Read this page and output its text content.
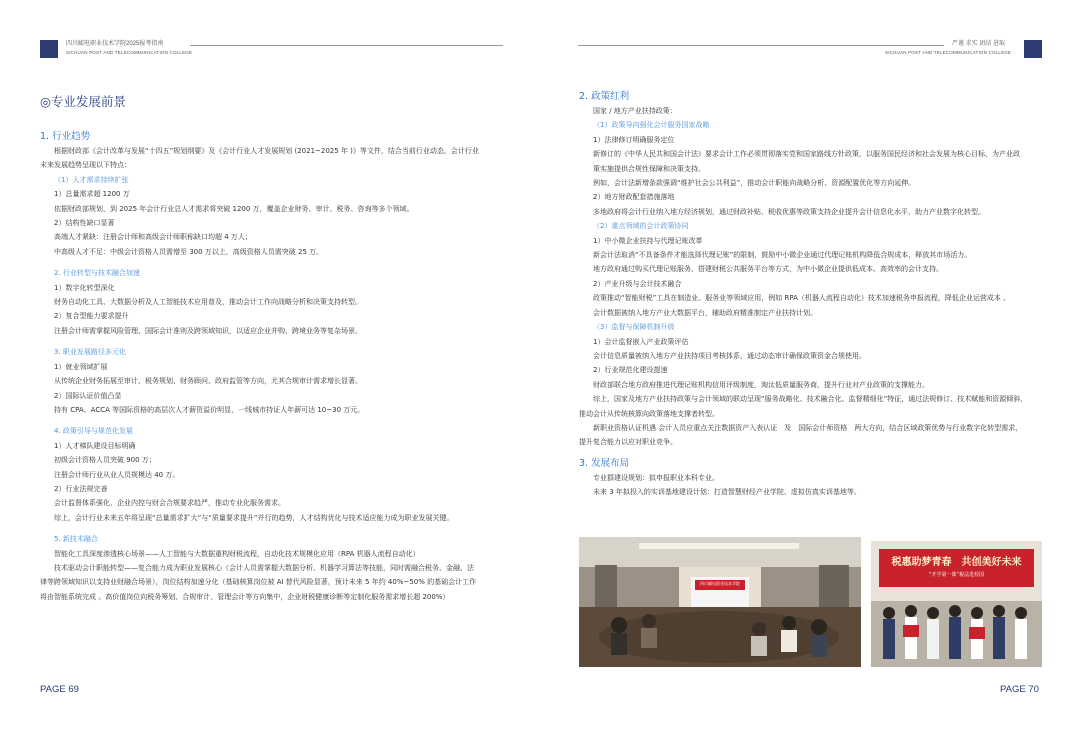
四川邮电职业技术学院2025报考指南
SICHUAN POST AND TELECOMMUNICATION COLLEGE
◎专业发展前景

1. 行业趋势

根据财政部《会计改革与发展“十四五”规划纲要》及《会计行业人才发展规划 (2021~2025 年 )》等文件，结合当前行业动态，会计行业

未来发展趋势呈现以下特点：

（1）人才需求持续扩张

1）总量需求超 1200 万

依据财政部规划，到 2025 年会计行业总人才需求将突破 1200 万，覆盖企业财务、审计、税务、咨询等多个领域。

2）结构性缺口显著

高端人才紧缺：注册会计师和高级会计师职称缺口均超 4 万人；

中高级人才不足：中级会计资格人员需增至 300 万以上，高级资格人员需突破 25 万。

2. 行业转型与技术融合加速

1）数字化转型深化

财务自动化工具、大数据分析及人工智能技术应用普及，推动会计工作向战略分析和决策支持转型。

2）复合型能力要求提升

注册会计师需掌握风险管理、国际会计准则及跨领域知识，以适应企业并购、跨境业务等复杂场景。

3. 职业发展路径多元化

1）就业领域扩展

从传统企业财务拓展至审计、税务规划、财务顾问、政府监管等方向，尤其合规审计需求增长显著。

2）国际认证价值凸显

持有 CPA、ACCA 等国际资格的高层次人才薪资溢价明显，一线城市持证人年薪可达 10~30 万元。

4. 政策引导与规范化发展

1）人才梯队建设目标明确

初级会计资格人员突破 900 万；

注册会计师行业从业人员规模达 40 万。

2）行业法规完善

会计监督体系强化，企业内控与财会合规要求趋严，推动专业化服务需求。

综上，会计行业未来五年将呈现“总量需求扩大”与“质量要求提升”并行的趋势，人才结构优化与技术适应能力成为职业发展关键。

5. 新技术融合

智能化工具深度渗透核心场景——人工智能与大数据重构财税流程，自动化技术规模化应用（RPA 机器人流程自动化）

技术驱动会计职能转型——复合能力成为职业发展核心（会计人员需掌握大数据分析、机器学习算法等技能，同时需融合税务、金融、法

律等跨领域知识以支持业财融合场景），岗位结构加速分化（基础核算岗位被 AI 替代风险显著，预计未来 5 年约 40%~50% 的基础会计工作

将由智能系统完成 。高价值岗位向税务筹划、合规审计、管理会计等方向集中，企业财税健康诊断等定制化服务需求增长超 200%）

PAGE 69
严谨 求实 团结 进取
SICHUAN POST AND TELECOMMUNICATION COLLEGE

2. 政策红利

国家 / 地方产业扶持政策：

（1）政策导向强化会计服务国家战略

1）法律修订明确服务定位

新修订的《中华人民共和国会计法》要求会计工作必须贯彻落实党和国家路线方针政策，以服务国民经济和社会发展为核心目标，为产业政

策实施提供合规性保障和决策支持。

例如，会计法新增条款强调“维护社会公共利益”，推动会计职能向战略分析、资源配置优化等方向延伸。

2）地方财政配套措施落地

多地政府将会计行业纳入地方经济规划，通过财政补贴、税收优惠等政策支持企业提升会计信息化水平，助力产业数字化转型。

（2）重点领域的会计政策协同

1）中小微企业扶持与代理记账改革

新会计法取消“不具备条件才能选择代理记账”的限制，鼓励中小微企业通过代理记账机构降低合规成本，释放其市场活力。

地方政府通过购买代理记账服务、搭建财税公共服务平台等方式，为中小微企业提供低成本、高效率的会计支持。

2）产业升级与会计技术融合

政策推动“智能财税”工具在制造业、服务业等领域应用，例如 RPA（机器人流程自动化）技术加速税务申报流程，降低企业运营成本 。

会计数据被纳入地方产业大数据平台，辅助政府精准制定产业扶持计划。

（3）监督与保障机制升级

1）会计监督嵌入产业政策评估

会计信息质量被纳入地方产业扶持项目考核体系，通过动态审计确保政策资金合规使用。

2）行业规范化建设提速

财政部联合地方政府推进代理记账机构信用评级制度，淘汰低质量服务商，提升行业对产业政策的支撑能力。

综上，国家及地方产业扶持政策与会计领域的联动呈现“服务战略化、技术融合化、监督精细化”特征，通过法规修订、技术赋能和资源倾斜，

推动会计从传统核算向政策落地支撑者转型。

新职业资格认证机遇 会计人员应重点关注数据资产入表认证　及　国际会计师资格　两大方向，结合区域政策优势与行业数字化转型需求，

提升复合能力以应对职业竞争。

3. 发展布局

专业群建设规划：拟申报职业本科专业。

未来 3 年拟投入的实训基地建设计划：打造智慧财经产业学院、虚拟仿真实训基地等。

四川邮电职业技术学院
税惠助梦青春　共创美好未来
“开学第一课”税法进校园
PAGE 70
